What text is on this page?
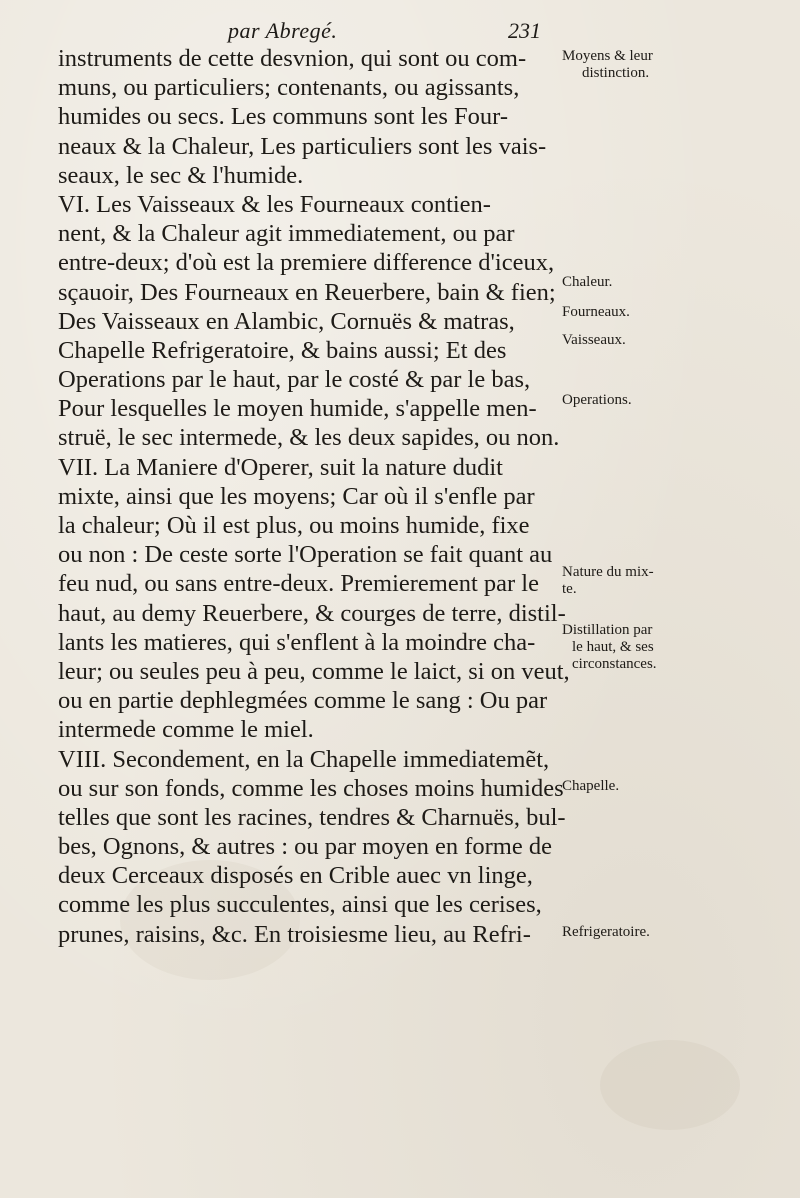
par Abregé.	231
instruments de cette desvnion, qui sont ou com-
muns, ou particuliers; contenants, ou agissants,
humides ou secs. Les communs sont les Four-
neaux & la Chaleur, Les particuliers sont les vais-
seaux, le sec & l'humide.
VI. Les Vaisseaux & les Fourneaux contien-
nent, & la Chaleur agit immediatement, ou par
entre-deux; d'où est la premiere difference d'iceux,
sçauoir, Des Fourneaux en Reuerbere, bain & fien;
Des Vaisseaux en Alambic, Cornuës & matras,
Chapelle Refrigeratoire, & bains aussi; Et des
Operations par le haut, par le costé & par le bas,
Pour lesquelles le moyen humide, s'appelle men-
struë, le sec intermede, & les deux sapides, ou non.
VII. La Maniere d'Operer, suit la nature dudit
mixte, ainsi que les moyens; Car où il s'enfle par
la chaleur; Où il est plus, ou moins humide, fixe
ou non : De ceste sorte l'Operation se fait quant au
feu nud, ou sans entre-deux. Premierement par le
haut, au demy Reuerbere, & courges de terre, distil-
lants les matieres, qui s'enflent à la moindre cha-
leur; ou seules peu à peu, comme le laict, si on veut,
ou en partie dephlegmées comme le sang : Ou par
intermede comme le miel.
VIII. Secondement, en la Chapelle immediatemẽt,
ou sur son fonds, comme les choses moins humides
telles que sont les racines, tendres & Charnuës, bul-
bes, Ognons, & autres : ou par moyen en forme de
deux Cerceaux disposés en Crible auec vn linge,
comme les plus succulentes, ainsi que les cerises,
prunes, raisins, &c. En troisiesme lieu, au Refri-
Moyens & leur
distinction.
Chaleur.
Fourneaux.
Vaisseaux.
Operations.
Nature du mix-
te.
Distillation par
le haut, & ses
circonstances.
Chapelle.
Refrigeratoire.
